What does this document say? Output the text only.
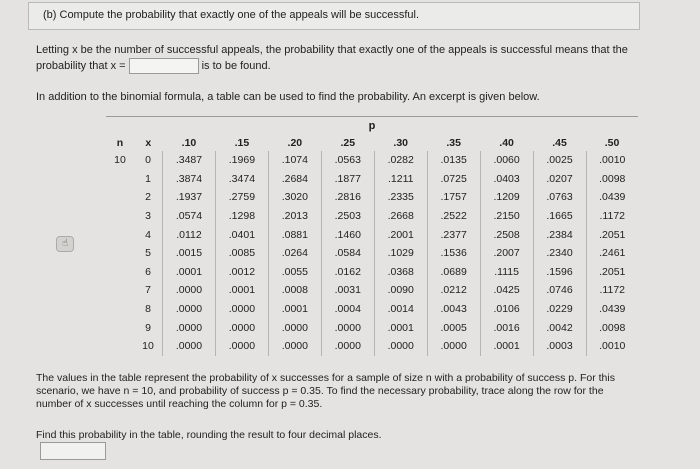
(b) Compute the probability that exactly one of the appeals will be successful.
Letting x be the number of successful appeals, the probability that exactly one of the appeals is successful means that the probability that x =	is to be found.
In addition to the binomial formula, a table can be used to find the probability. An excerpt is given below.
☝
p
n	x	.10	.15	.20	.25	.30	.35	.40	.45	.50
10	0	.3487	.1969	.1074	.0563	.0282	.0135	.0060	.0025	.0010
	1	.3874	.3474	.2684	.1877	.1211	.0725	.0403	.0207	.0098
	2	.1937	.2759	.3020	.2816	.2335	.1757	.1209	.0763	.0439
	3	.0574	.1298	.2013	.2503	.2668	.2522	.2150	.1665	.1172
	4	.0112	.0401	.0881	.1460	.2001	.2377	.2508	.2384	.2051
	5	.0015	.0085	.0264	.0584	.1029	.1536	.2007	.2340	.2461
	6	.0001	.0012	.0055	.0162	.0368	.0689	.1115	.1596	.2051
	7	.0000	.0001	.0008	.0031	.0090	.0212	.0425	.0746	.1172
	8	.0000	.0000	.0001	.0004	.0014	.0043	.0106	.0229	.0439
	9	.0000	.0000	.0000	.0000	.0001	.0005	.0016	.0042	.0098
	10	.0000	.0000	.0000	.0000	.0000	.0000	.0001	.0003	.0010
The values in the table represent the probability of x successes for a sample of size n with a probability of success p. For this scenario, we have n = 10, and probability of success p = 0.35. To find the necessary probability, trace along the row for the number of x successes until reaching the column for p = 0.35.
Find this probability in the table, rounding the result to four decimal places.
